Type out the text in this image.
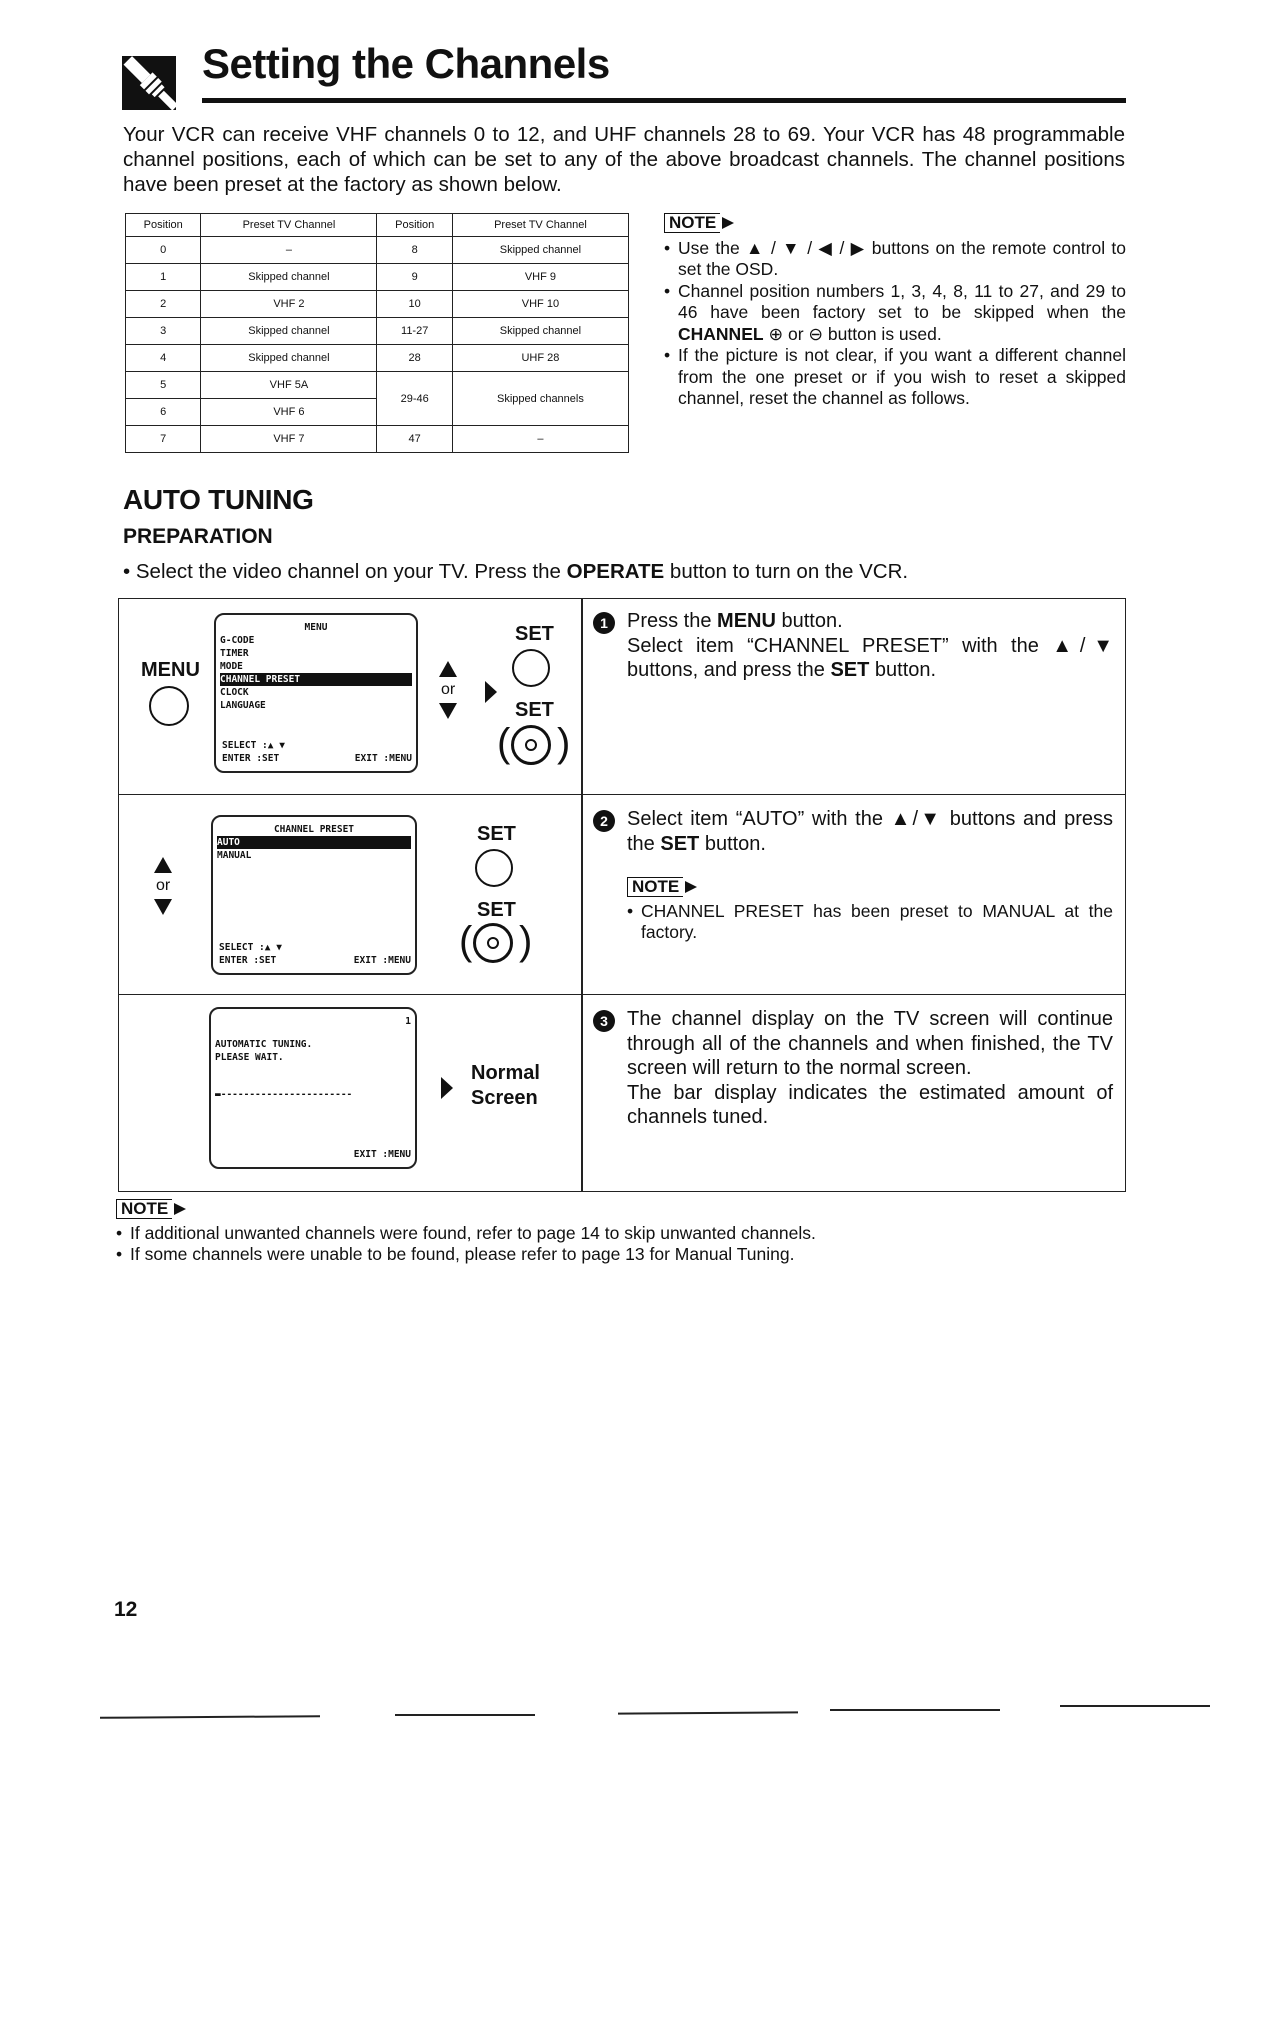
Setting the Channels
Your VCR can receive VHF channels 0 to 12, and UHF channels 28 to 69. Your VCR has 48 programmable channel positions, each of which can be set to any of the above broadcast channels. The channel positions have been preset at the factory as shown below.
Position	Preset TV Channel	Position	Preset TV Channel
0	–	8	Skipped channel
1	Skipped channel	9	VHF 9
2	VHF 2	10	VHF 10
3	Skipped channel	11-27	Skipped channel
4	Skipped channel	28	UHF 28
5	VHF 5A	29-46	Skipped channels
6	VHF 6		
7	VHF 7	47	–
NOTE
• Use the ▲ / ▼ / ◀ / ▶ buttons on the remote control to set the OSD.
• Channel position numbers 1, 3, 4, 8, 11 to 27, and 29 to 46 have been factory set to be skipped when the CHANNEL ⊕ or ⊖ button is used.
• If the picture is not clear, if you want a different channel from the one preset or if you wish to reset a skipped channel, reset the channel as follows.
AUTO TUNING
PREPARATION
• Select the video channel on your TV. Press the OPERATE button to turn on the VCR.
MENU
MENU
G-CODE
TIMER
MODE
CHANNEL PRESET
CLOCK
LANGUAGE
SELECT :▲ ▼
ENTER :SET	EXIT :MENU
or
SET
SET
( )
1 Press the MENU button.
Select item “CHANNEL PRESET” with the ▲/▼ buttons, and press the SET button.
or
CHANNEL PRESET
AUTO
MANUAL
SELECT :▲ ▼
ENTER :SET	EXIT :MENU
SET
SET
( )
2 Select item “AUTO” with the ▲/▼ buttons and press the SET button.
NOTE
• CHANNEL PRESET has been preset to MANUAL at the factory.
1
AUTOMATIC TUNING.
PLEASE WAIT.
▬-----------------------
EXIT :MENU
Normal
Screen
3 The channel display on the TV screen will continue through all of the channels and when finished, the TV screen will return to the normal screen.
The bar display indicates the estimated amount of channels tuned.
NOTE
• If additional unwanted channels were found, refer to page 14 to skip unwanted channels.
• If some channels were unable to be found, please refer to page 13 for Manual Tuning.
12
